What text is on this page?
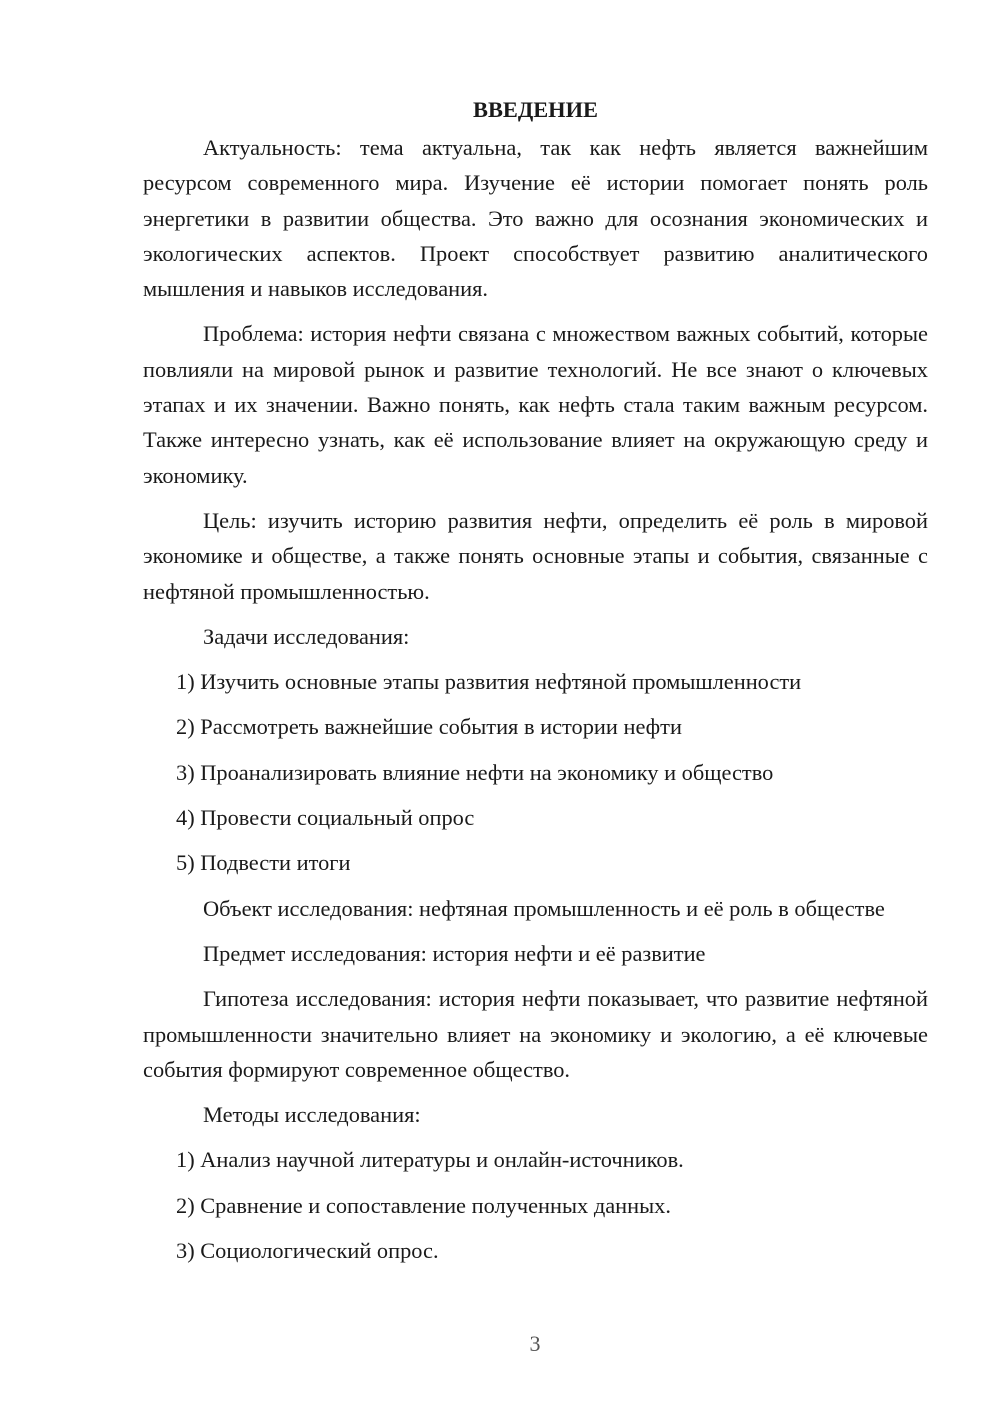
ВВЕДЕНИЕ

Актуальность: тема актуальна, так как нефть является важнейшим ресурсом современного мира. Изучение её истории помогает понять роль энергетики в развитии общества. Это важно для осознания экономических и экологических аспектов. Проект способствует развитию аналитического мышления и навыков исследования.

Проблема: история нефти связана с множеством важных событий, которые повлияли на мировой рынок и развитие технологий. Не все знают о ключевых этапах и их значении. Важно понять, как нефть стала таким важным ресурсом. Также интересно узнать, как её использование влияет на окружающую среду и экономику.

Цель: изучить историю развития нефти, определить её роль в мировой экономике и обществе, а также понять основные этапы и события, связанные с нефтяной промышленностью.

Задачи исследования:
1) Изучить основные этапы развития нефтяной промышленности
2) Рассмотреть важнейшие события в истории нефти
3) Проанализировать влияние нефти на экономику и общество
4) Провести социальный опрос
5) Подвести итоги

Объект исследования: нефтяная промышленность и её роль в обществе

Предмет исследования: история нефти и её развитие

Гипотеза исследования: история нефти показывает, что развитие нефтяной промышленности значительно влияет на экономику и экологию, а её ключевые события формируют современное общество.

Методы исследования:
1) Анализ научной литературы и онлайн-источников.
2) Сравнение и сопоставление полученных данных.
3) Социологический опрос.
3
